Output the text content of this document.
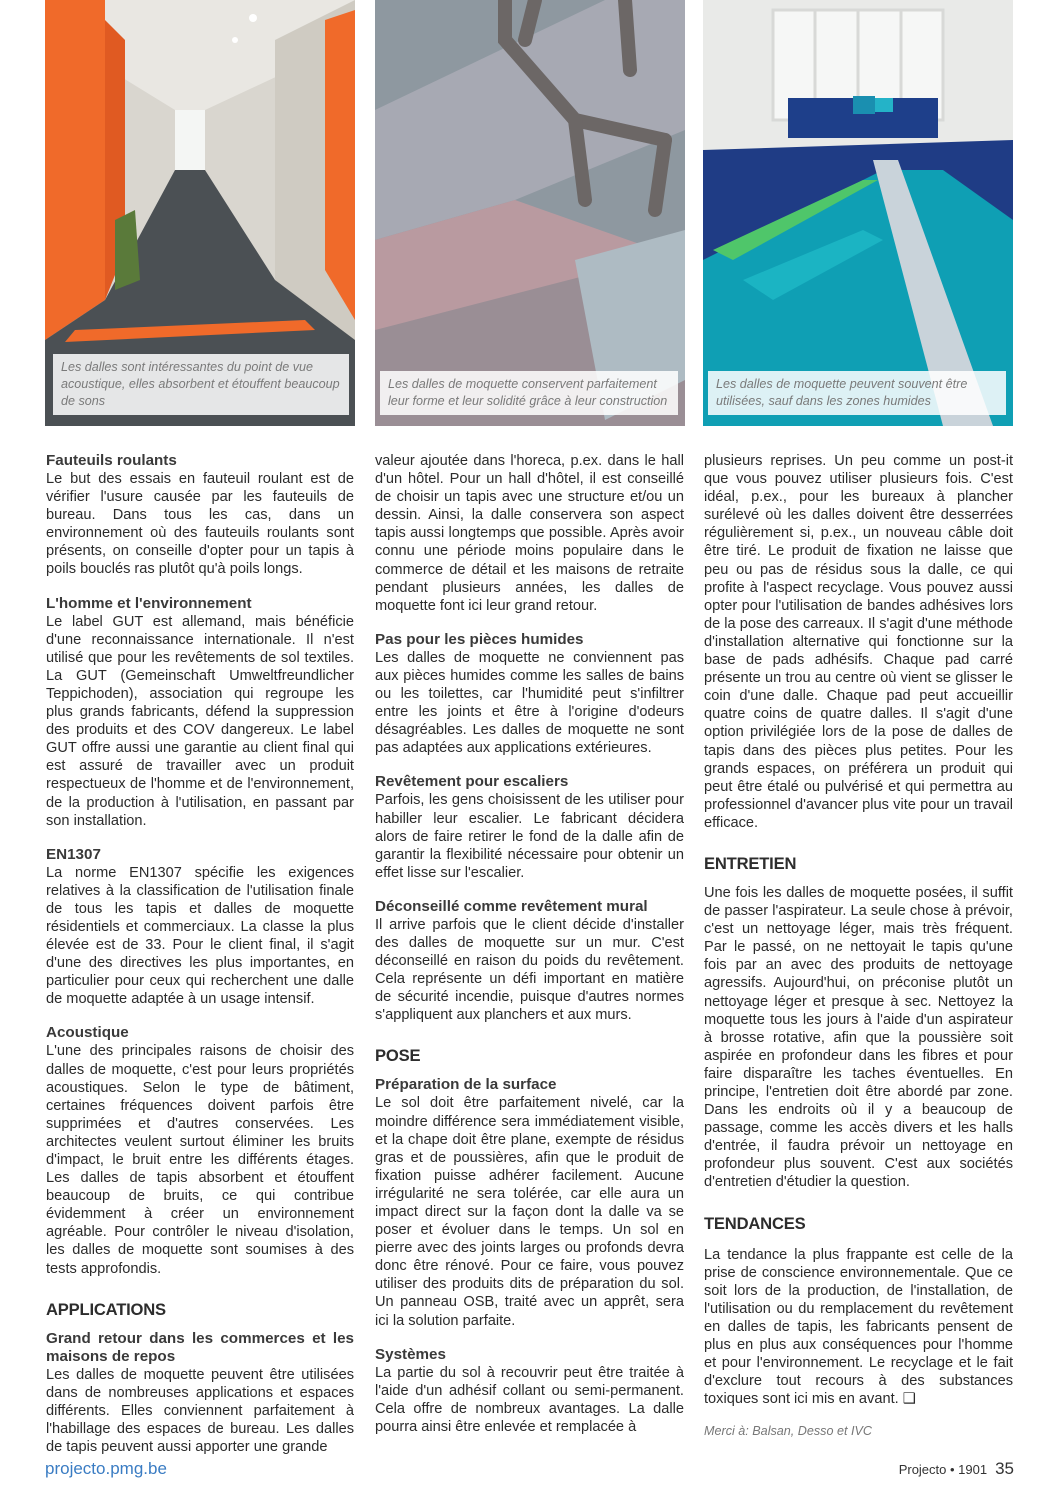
Les dalles sont intéressantes du point de vue acoustique, elles absorbent et étouffent beaucoup de sons
Les dalles de moquette conservent parfaitement leur forme et leur solidité grâce à leur construction
Les dalles de moquette peuvent souvent être utilisées, sauf dans les zones humides
Fauteuils roulants

Le but des essais en fauteuil roulant est de vérifier l'usure causée par les fauteuils de bureau. Dans tous les cas, dans un environnement où des fauteuils roulants sont présents, on conseille d'opter pour un tapis à poils bouclés ras plutôt qu'à poils longs.

L'homme et l'environnement

Le label GUT est allemand, mais bénéficie d'une reconnaissance internationale. Il n'est utilisé que pour les revêtements de sol textiles. La GUT (Gemeinschaft Umweltfreundlicher Teppichoden), association qui regroupe les plus grands fabricants, défend la suppression des produits et des COV dangereux. Le label GUT offre aussi une garantie au client final qui est assuré de travailler avec un produit respectueux de l'homme et de l'environnement, de la production à l'utilisation, en passant par son installation.

EN1307

La norme EN1307 spécifie les exigences relatives à la classification de l'utilisation finale de tous les tapis et dalles de moquette résidentiels et commerciaux. La classe la plus élevée est de 33. Pour le client final, il s'agit d'une des directives les plus importantes, en particulier pour ceux qui recherchent une dalle de moquette adaptée à un usage intensif.

Acoustique

L'une des principales raisons de choisir des dalles de moquette, c'est pour leurs propriétés acoustiques. Selon le type de bâtiment, certaines fréquences doivent parfois être supprimées et d'autres conservées. Les architectes veulent surtout éliminer les bruits d'impact, le bruit entre les différents étages. Les dalles de tapis absorbent et étouffent beaucoup de bruits, ce qui contribue évidemment à créer un environnement agréable. Pour contrôler le niveau d'isolation, les dalles de moquette sont soumises à des tests approfondis.

APPLICATIONS
Grand retour dans les commerces et les maisons de repos

Les dalles de moquette peuvent être utilisées dans de nombreuses applications et espaces différents. Elles conviennent parfaitement à l'habillage des espaces de bureau. Les dalles de tapis peuvent aussi apporter une grande

valeur ajoutée dans l'horeca, p.ex. dans le hall d'un hôtel. Pour un hall d'hôtel, il est conseillé de choisir un tapis avec une structure et/ou un dessin. Ainsi, la dalle conservera son aspect tapis aussi longtemps que possible. Après avoir connu une période moins populaire dans le commerce de détail et les maisons de retraite pendant plusieurs années, les dalles de moquette font ici leur grand retour.

Pas pour les pièces humides

Les dalles de moquette ne conviennent pas aux pièces humides comme les salles de bains ou les toilettes, car l'humidité peut s'infiltrer entre les joints et être à l'origine d'odeurs désagréables. Les dalles de moquette ne sont pas adaptées aux applications extérieures.

Revêtement pour escaliers

Parfois, les gens choisissent de les utiliser pour habiller leur escalier. Le fabricant décidera alors de faire retirer le fond de la dalle afin de garantir la flexibilité nécessaire pour obtenir un effet lisse sur l'escalier.

Déconseillé comme revêtement mural

Il arrive parfois que le client décide d'installer des dalles de moquette sur un mur. C'est déconseillé en raison du poids du revêtement. Cela représente un défi important en matière de sécurité incendie, puisque d'autres normes s'appliquent aux planchers et aux murs.

POSE
Préparation de la surface

Le sol doit être parfaitement nivelé, car la moindre différence sera immédiatement visible, et la chape doit être plane, exempte de résidus gras et de poussières, afin que le produit de fixation puisse adhérer facilement. Aucune irrégularité ne sera tolérée, car elle aura un impact direct sur la façon dont la dalle va se poser et évoluer dans le temps. Un sol en pierre avec des joints larges ou profonds devra donc être rénové. Pour ce faire, vous pouvez utiliser des produits dits de préparation du sol. Un panneau OSB, traité avec un apprêt, sera ici la solution parfaite.

Systèmes

La partie du sol à recouvrir peut être traitée à l'aide d'un adhésif collant ou semi-permanent. Cela offre de nombreux avantages. La dalle pourra ainsi être enlevée et remplacée à

plusieurs reprises. Un peu comme un post-it que vous pouvez utiliser plusieurs fois. C'est idéal, p.ex., pour les bureaux à plancher surélevé où les dalles doivent être desserrées régulièrement si, p.ex., un nouveau câble doit être tiré. Le produit de fixation ne laisse que peu ou pas de résidus sous la dalle, ce qui profite à l'aspect recyclage. Vous pouvez aussi opter pour l'utilisation de bandes adhésives lors de la pose des carreaux. Il s'agit d'une méthode d'installation alternative qui fonctionne sur la base de pads adhésifs. Chaque pad carré présente un trou au centre où vient se glisser le coin d'une dalle. Chaque pad peut accueillir quatre coins de quatre dalles. Il s'agit d'une option privilégiée lors de la pose de dalles de tapis dans des pièces plus petites. Pour les grands espaces, on préférera un produit qui peut être étalé ou pulvérisé et qui permettra au professionnel d'avancer plus vite pour un travail efficace.

ENTRETIEN

Une fois les dalles de moquette posées, il suffit de passer l'aspirateur. La seule chose à prévoir, c'est un nettoyage léger, mais très fréquent. Par le passé, on ne nettoyait le tapis qu'une fois par an avec des produits de nettoyage agressifs. Aujourd'hui, on préconise plutôt un nettoyage léger et presque à sec. Nettoyez la moquette tous les jours à l'aide d'un aspirateur à brosse rotative, afin que la poussière soit aspirée en profondeur dans les fibres et pour faire disparaître les taches éventuelles. En principe, l'entretien doit être abordé par zone. Dans les endroits où il y a beaucoup de passage, comme les accès divers et les halls d'entrée, il faudra prévoir un nettoyage en profondeur plus souvent. C'est aux sociétés d'entretien d'étudier la question.

TENDANCES

La tendance la plus frappante est celle de la prise de conscience environnementale. Que ce soit lors de la production, de l'installation, de l'utilisation ou du remplacement du revêtement en dalles de tapis, les fabricants pensent de plus en plus aux conséquences pour l'homme et pour l'environnement. Le recyclage et le fait d'exclure tout recours à des substances toxiques sont ici mis en avant. ❑

Merci à: Balsan, Desso et IVC

projecto.pmg.be	Projecto • 1901 35
